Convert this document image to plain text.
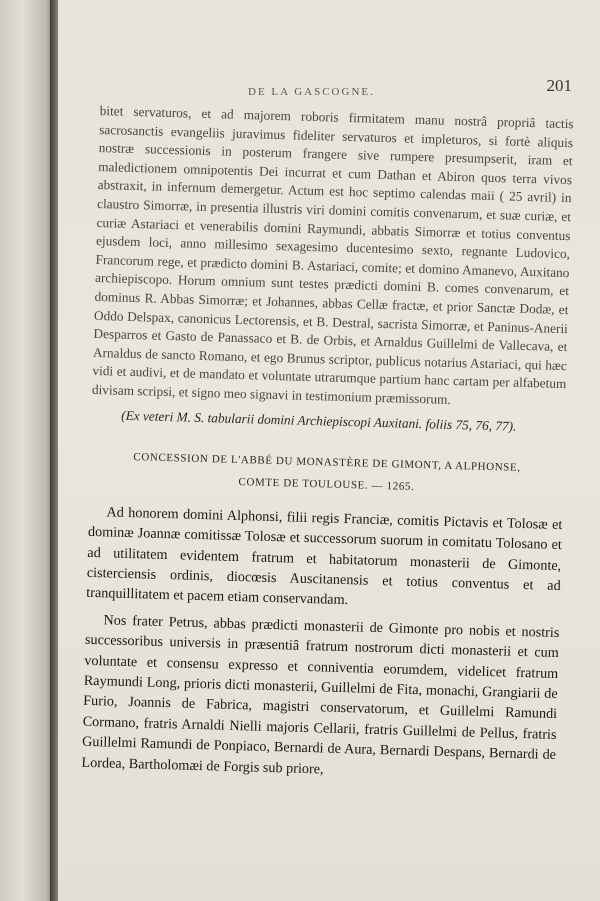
DE LA GASCOGNE.	201

bitet servaturos, et ad majorem roboris firmitatem manu nostrâ propriâ tactis sacrosanctis evangeliis juravimus fideliter servaturos et impleturos, si fortè aliquis nostræ successionis in posterum frangere sive rumpere presumpserit, iram et maledictionem omnipotentis Dei incurrat et cum Dathan et Abiron quos terra vivos abstraxit, in infernum demergetur. Actum est hoc septimo calendas maii ( 25 avril) in claustro Simorræ, in presentia illustris viri domini comitis convenarum, et suæ curiæ, et curiæ Astariaci et venerabilis domini Raymundi, abbatis Simorræ et totius conventus ejusdem loci, anno millesimo sexagesimo ducentesimo sexto, regnante Ludovico, Francorum rege, et prædicto domini B. Astariaci, comite; et domino Amanevo, Auxitano archiepiscopo. Horum omnium sunt testes prædicti domini B. comes convenarum, et dominus R. Abbas Simorræ; et Johannes, abbas Cellæ fractæ, et prior Sanctæ Dodæ, et Oddo Delspax, canonicus Lectorensis, et B. Destral, sacrista Simorræ, et Paninus-Anerii Desparros et Gasto de Panassaco et B. de Orbis, et Arnaldus Guillelmi de Vallecava, et Arnaldus de sancto Romano, et ego Brunus scriptor, publicus notarius Astariaci, qui hæc vidi et audivi, et de mandato et voluntate utrarumque partium hanc cartam per alfabetum divisam scripsi, et signo meo signavi in testimonium præmissorum.

(Ex veteri M. S. tabularii domini Archiepiscopi Auxitani. foliis 75, 76, 77).

CONCESSION DE L'ABBÉ DU MONASTÈRE DE GIMONT, A ALPHONSE,

COMTE DE TOULOUSE. — 1265.

Ad honorem domini Alphonsi, filii regis Franciæ, comitis Pictavis et Tolosæ et dominæ Joannæ comitissæ Tolosæ et successorum suorum in comitatu Tolosano et ad utilitatem evidentem fratrum et habitatorum monasterii de Gimonte, cisterciensis ordinis, diocœsis Auscitanensis et totius conventus et ad tranquillitatem et pacem etiam conservandam.

Nos frater Petrus, abbas prædicti monasterii de Gimonte pro nobis et nostris successoribus universis in præsentiâ fratrum nostrorum dicti monasterii et cum voluntate et consensu expresso et conniventia eorumdem, videlicet fratrum Raymundi Long, prioris dicti monasterii, Guillelmi de Fita, monachi, Grangiarii de Furio, Joannis de Fabrica, magistri conservatorum, et Guillelmi Ramundi Cormano, fratris Arnaldi Nielli majoris Cellarii, fratris Guillelmi de Pellus, fratris Guillelmi Ramundi de Ponpiaco, Bernardi de Aura, Bernardi Despans, Bernardi de Lordea, Bartholomæi de Forgis sub priore,
